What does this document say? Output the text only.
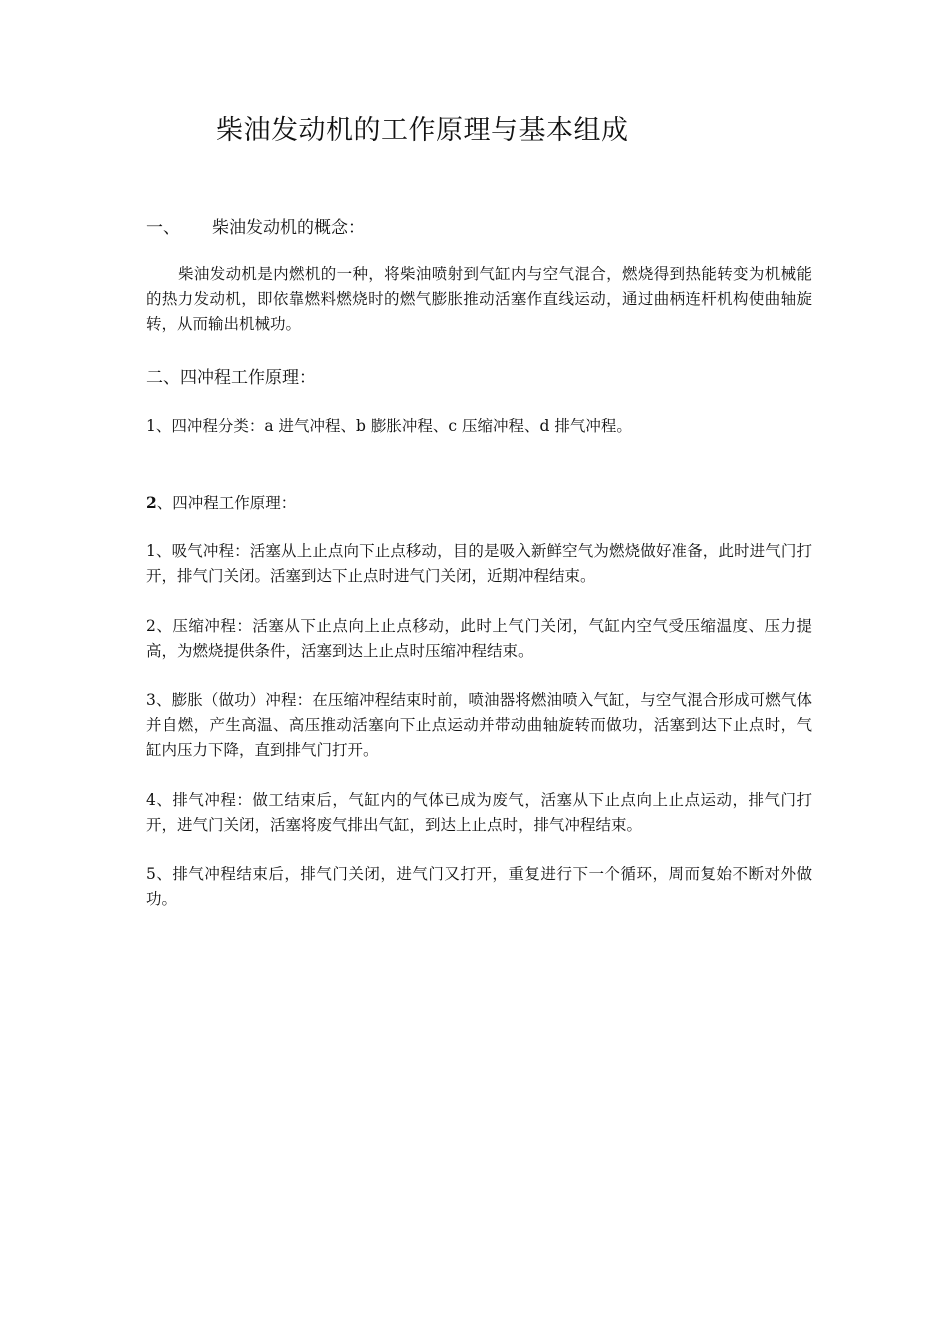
柴油发动机的工作原理与基本组成
一、 柴油发动机的概念：

柴油发动机是内燃机的一种，将柴油喷射到气缸内与空气混合，燃烧得到热能转变为机械能的热力发动机，即依靠燃料燃烧时的燃气膨胀推动活塞作直线运动，通过曲柄连杆机构使曲轴旋转，从而输出机械功。

二、四冲程工作原理：

1、四冲程分类：a 进气冲程、b 膨胀冲程、c 压缩冲程、d 排气冲程。

2、四冲程工作原理：

1、吸气冲程：活塞从上止点向下止点移动，目的是吸入新鲜空气为燃烧做好准备，此时进气门打开，排气门关闭。活塞到达下止点时进气门关闭，近期冲程结束。

2、压缩冲程：活塞从下止点向上止点移动，此时上气门关闭，气缸内空气受压缩温度、压力提高，为燃烧提供条件，活塞到达上止点时压缩冲程结束。

3、膨胀（做功）冲程：在压缩冲程结束时前，喷油器将燃油喷入气缸，与空气混合形成可燃气体并自燃，产生高温、高压推动活塞向下止点运动并带动曲轴旋转而做功，活塞到达下止点时，气缸内压力下降，直到排气门打开。

4、排气冲程：做工结束后，气缸内的气体已成为废气，活塞从下止点向上止点运动，排气门打开，进气门关闭，活塞将废气排出气缸，到达上止点时，排气冲程结束。

5、排气冲程结束后，排气门关闭，进气门又打开，重复进行下一个循环，周而复始不断对外做功。
